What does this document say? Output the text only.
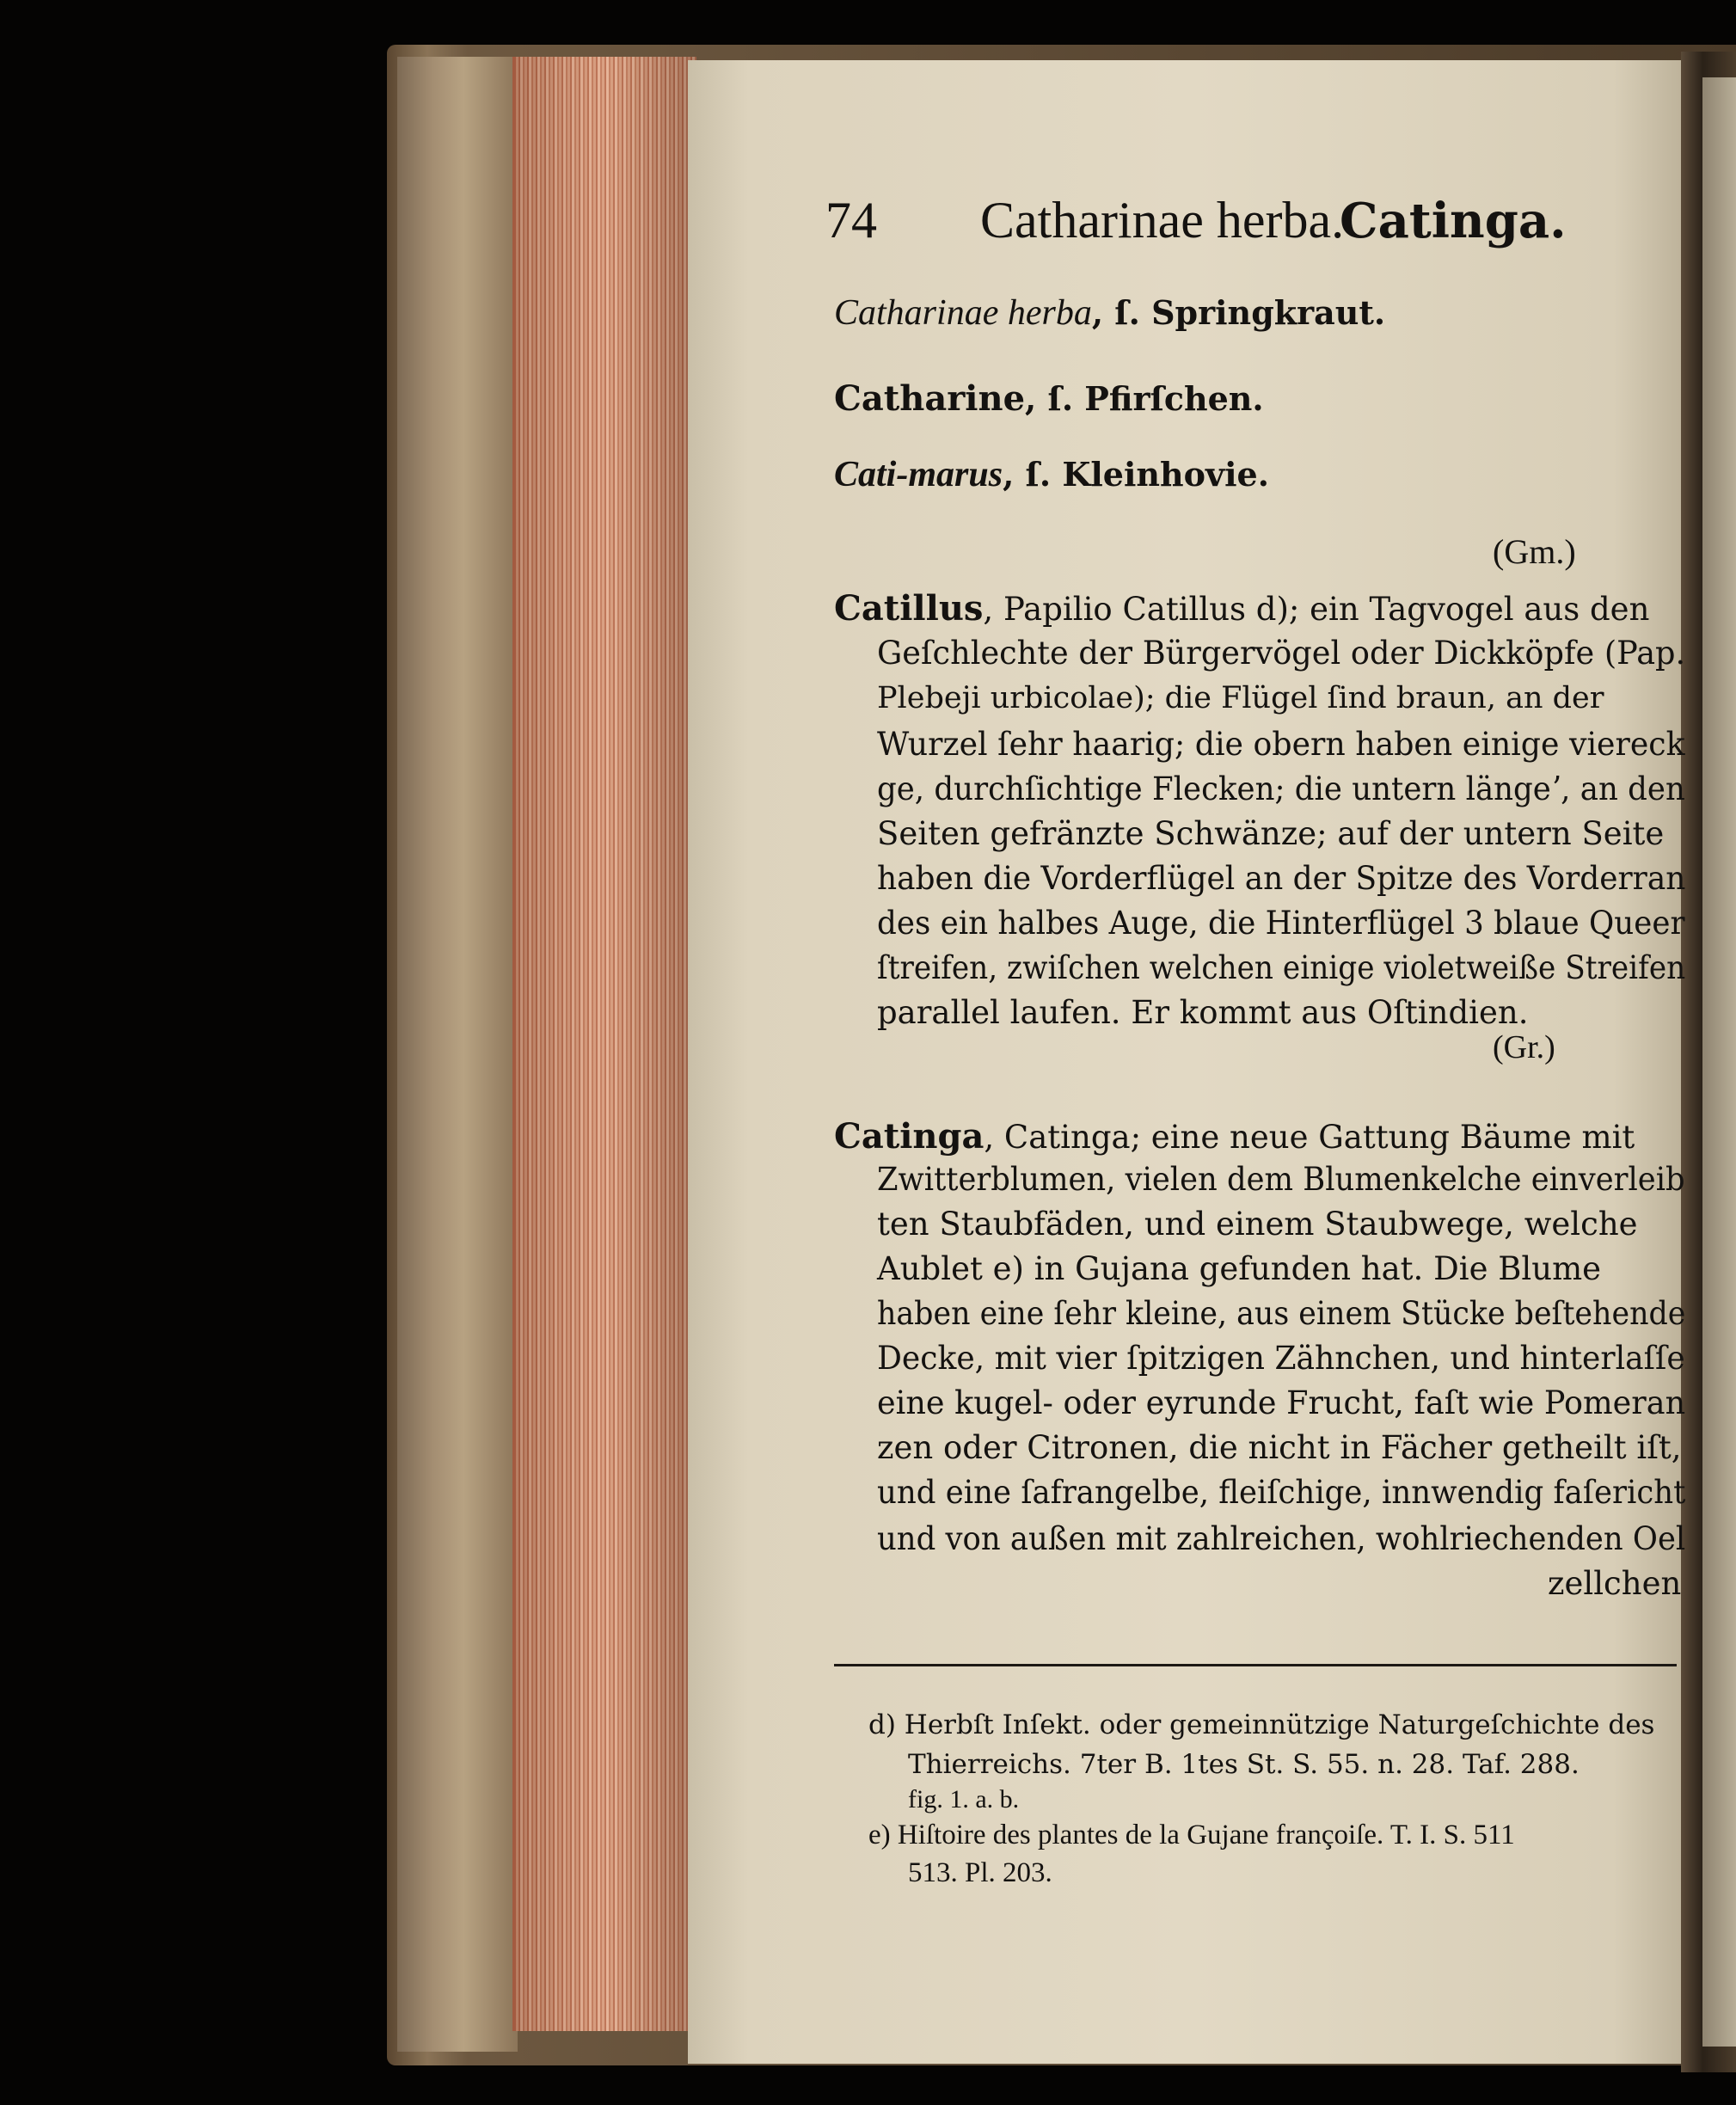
74 Catharinae herba.
Catinga.
Catharinae herba, ſ. Springkraut.
Catharine, ſ. Pfirſchen.
Cati-marus, ſ. Kleinhovie.
(Gm.)
Catillus, Papilio Catillus d); ein Tagvogel aus den
Geſchlechte der Bürgervögel oder Dickköpfe (Pap.
Plebeji urbicolae); die Flügel ſind braun, an der
Wurzel ſehr haarig; die obern haben einige viereck
ge, durchſichtige Flecken; die untern längeʼ, an den
Seiten gefränzte Schwänze; auf der untern Seite
haben die Vorderflügel an der Spitze des Vorderran
des ein halbes Auge, die Hinterflügel 3 blaue Queer
ſtreifen, zwiſchen welchen einige violetweiße Streifen
parallel laufen. Er kommt aus Oſtindien.
(Gr.)
Catinga, Catinga; eine neue Gattung Bäume mit
Zwitterblumen, vielen dem Blumenkelche einverleib
ten Staubfäden, und einem Staubwege, welche
Aublet e) in Gujana gefunden hat. Die Blume
haben eine ſehr kleine, aus einem Stücke beſtehende
Decke, mit vier ſpitzigen Zähnchen, und hinterlaſſe
eine kugel- oder eyrunde Frucht, faſt wie Pomeran
zen oder Citronen, die nicht in Fächer getheilt iſt,
und eine ſafrangelbe, fleiſchige, innwendig faſericht
und von außen mit zahlreichen, wohlriechenden Oel
zellchen
d) Herbſt Inſekt. oder gemeinnützige Naturgeſchichte des
Thierreichs. 7ter B. 1tes St. S. 55. n. 28. Taf. 288.
fig. 1. a. b.
e) Hiſtoire des plantes de la Gujane françoiſe. T. I. S. 511
513. Pl. 203.
